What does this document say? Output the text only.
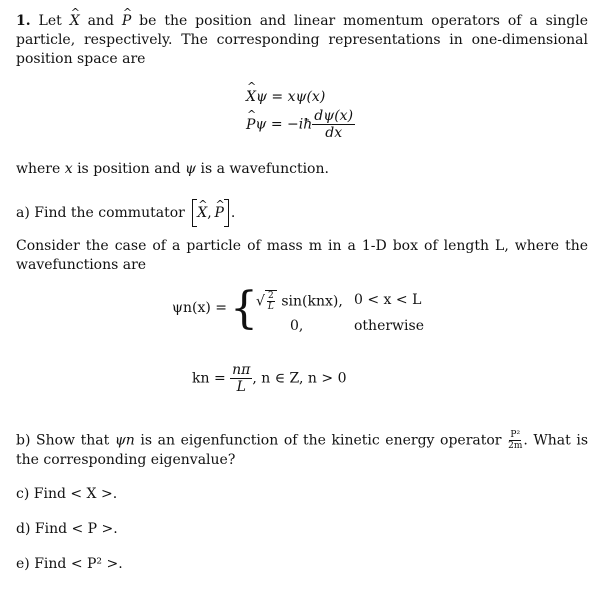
1. Let ^ X and ^ P be the position and linear momentum operators of a single particle, respectively. The corresponding representations in one-dimensional position space are
^ Xψ = xψ(x)
^ Pψ = −iħ $\frac{d\psi(x)}{dx}$
where x is position and ψ is a wavefunction.
a) Find the commutator ^ X, ^ P .
Consider the case of a particle of mass m in a 1-D box of length L, where the wavefunctions are
ψn(x) = {
√ $\frac{2}{L} \sin(knx)$, 0 < x < L
0,	otherwise
kn = $\frac{n\pi}{L}$ , n ∈ Z, n > 0
b) Show that ψn is an eigenfunction of the kinetic energy operator $\frac{\text{P²}}{2m}$ . What is the corresponding eigenvalue?
c) Find < X >.
d) Find < P >.
e) Find < P² >.
